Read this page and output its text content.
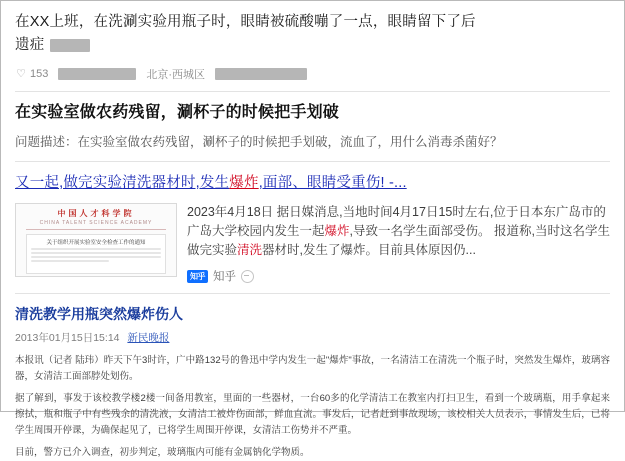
在XX上班，在洗涮实验用瓶子时，眼睛被硫酸嘣了一点，眼睛留下了后
遗症
♡ 153	北京·西城区
在实验室做农药残留，涮杯子的时候把手划破
问题描述：在实验室做农药残留，涮杯子的时候把手划破，流血了，用什么消毒杀菌好？
又一起,做完实验清洗器材时,发生爆炸,面部、眼睛受重伤! -...
中国人才科学院
CHINA TALENT SCIENCE ACADEMY
关于组织开展实验室安全检查工作的通知
2023年4月18日 据日媒消息,当地时间4月17日15时左右,位于日本东广岛市的广岛大学校园内发生一起爆炸,导致一名学生面部受伤。 报道称,当时这名学生做完实验清洗器材时,发生了爆炸。目前具体原因仍...
知乎 知乎
清洗教学用瓶突然爆炸伤人
2013年01月15日15:14 新民晚报

本报讯（记者 陆玮）昨天下午3时许，广中路132号的鲁迅中学内发生一起"爆炸"事故，一名清洁工在清洗一个瓶子时，突然发生爆炸，玻璃容器，女清洁工面部脖处划伤。

据了解到，事发于该校教学楼2楼一间备用教室，里面的一些器材，一台60多的化学清洁工在教室内打扫卫生，看到一个玻璃瓶，用手拿起来擦拭，瓶和瓶子中有些残余的清洗液，女清洁工被炸伤面部，鲜血直流。事发后，记者赶到事故现场，该校相关人员表示，事情发生后，已将学生周围开停课，为确保起见了，已将学生周围开停课，女清洁工伤势并不严重。

目前，警方已介入调查，初步判定，玻璃瓶内可能有金属钠化学物质。
